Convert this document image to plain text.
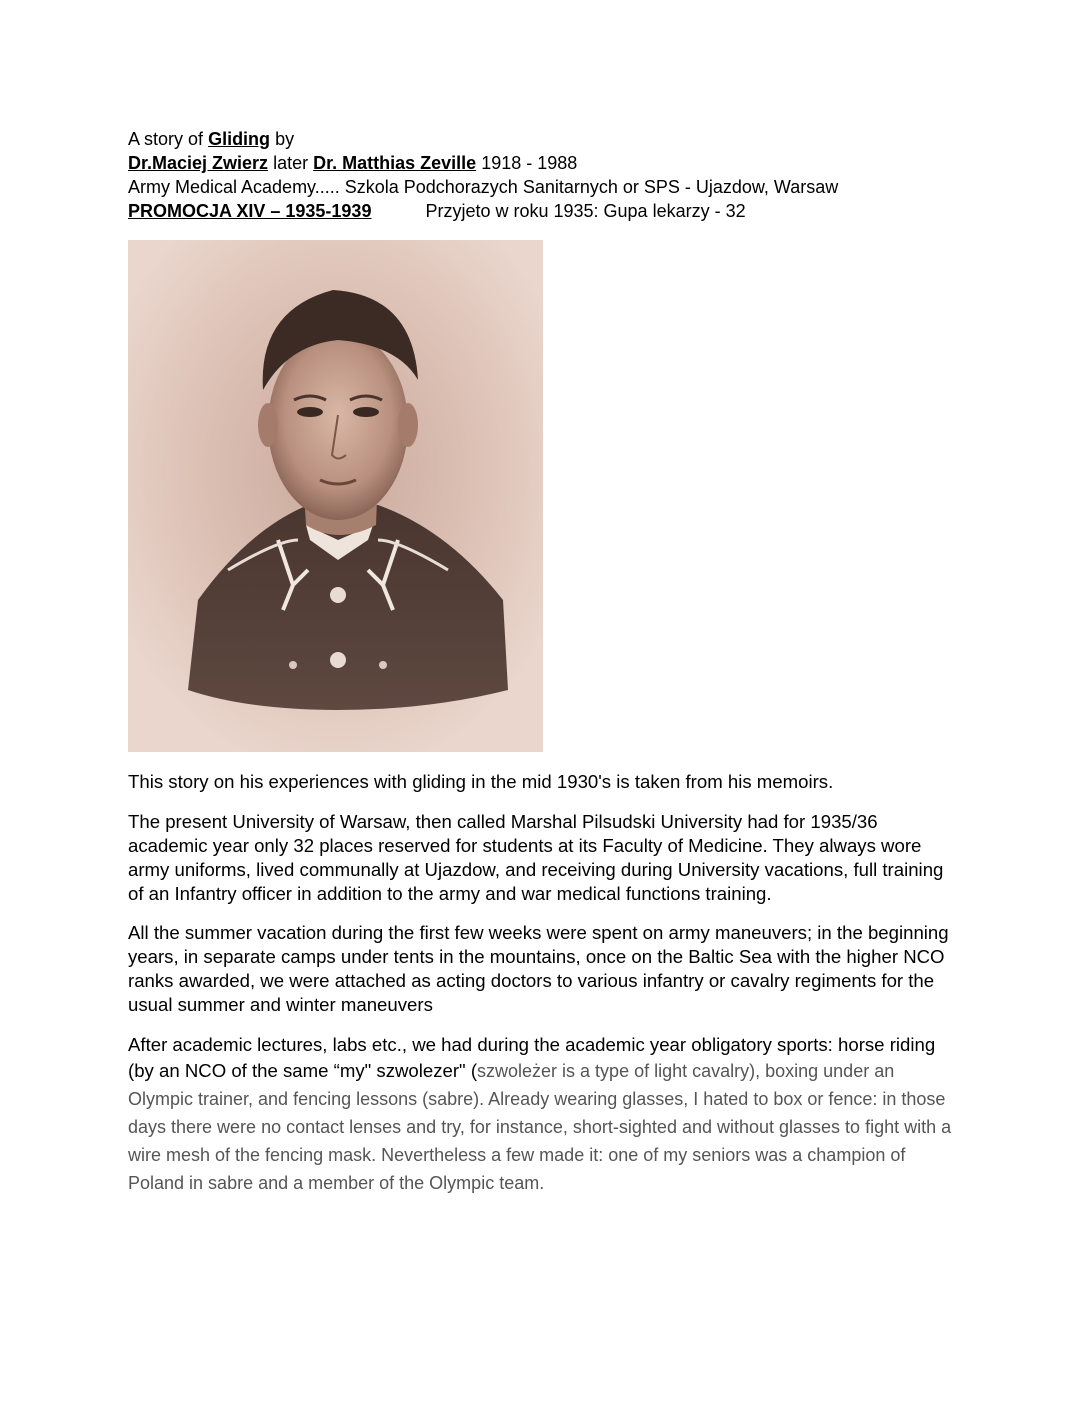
A story of Gliding by
Dr.Maciej Zwierz later Dr. Matthias Zeville 1918 - 1988
Army Medical Academy..... Szkola Podchorazych Sanitarnych or SPS - Ujazdow, Warsaw
PROMOCJA XIV – 1935-1939	Przyjeto w roku 1935: Gupa lekarzy - 32
This story on his experiences with gliding in the mid 1930's is taken from his memoirs.
The present University of Warsaw, then called Marshal Pilsudski University had for 1935/36 academic year only 32 places reserved for students at its Faculty of Medicine. They always wore army uniforms, lived communally at Ujazdow, and receiving during University vacations, full training of an Infantry officer in addition to the army and war medical functions training.
All the summer vacation during the first few weeks were spent on army maneuvers; in the beginning years, in separate camps under tents in the mountains, once on the Baltic Sea with the higher NCO ranks awarded, we were attached as acting doctors to various infantry or cavalry regiments for the usual summer and winter maneuvers
After academic lectures, labs etc., we had during the academic year obligatory sports: horse riding (by an NCO of the same “my" szwolezer" (szwoleżer is a type of light cavalry), boxing under an Olympic trainer, and fencing lessons (sabre). Already wearing glasses, I hated to box or fence: in those days there were no contact lenses and try, for instance, short-sighted and without glasses to fight with a wire mesh of the fencing mask. Nevertheless a few made it: one of my seniors was a champion of Poland in sabre and a member of the Olympic team.
